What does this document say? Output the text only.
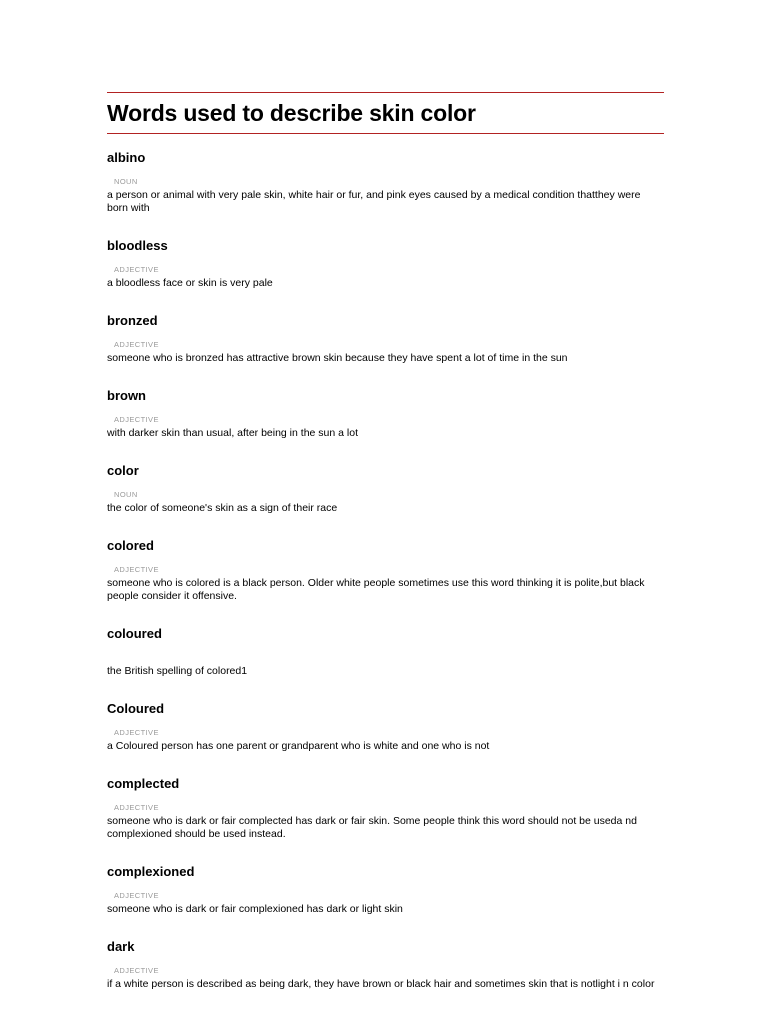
Words used to describe skin color
albino
NOUN
a person or animal with very pale skin, white hair or fur, and pink eyes caused by a medical condition thatthey were born with
bloodless
ADJECTIVE
a bloodless face or skin is very pale
bronzed
ADJECTIVE
someone who is bronzed has attractive brown skin because they have spent a lot of time in the sun
brown
ADJECTIVE
with darker skin than usual, after being in the sun a lot
color
NOUN
the color of someone's skin as a sign of their race
colored
ADJECTIVE
someone who is colored is a black person. Older white people sometimes use this word thinking it is polite,but black people consider it offensive.
coloured
the British spelling of colored1
Coloured
ADJECTIVE
a Coloured person has one parent or grandparent who is white and one who is not
complected
ADJECTIVE
someone who is dark or fair complected has dark or fair skin. Some people think this word should not be useda nd complexioned should be used instead.
complexioned
ADJECTIVE
someone who is dark or fair complexioned has dark or light skin
dark
ADJECTIVE
if a white person is described as being dark, they have brown or black hair and sometimes skin that is notlight i n color
